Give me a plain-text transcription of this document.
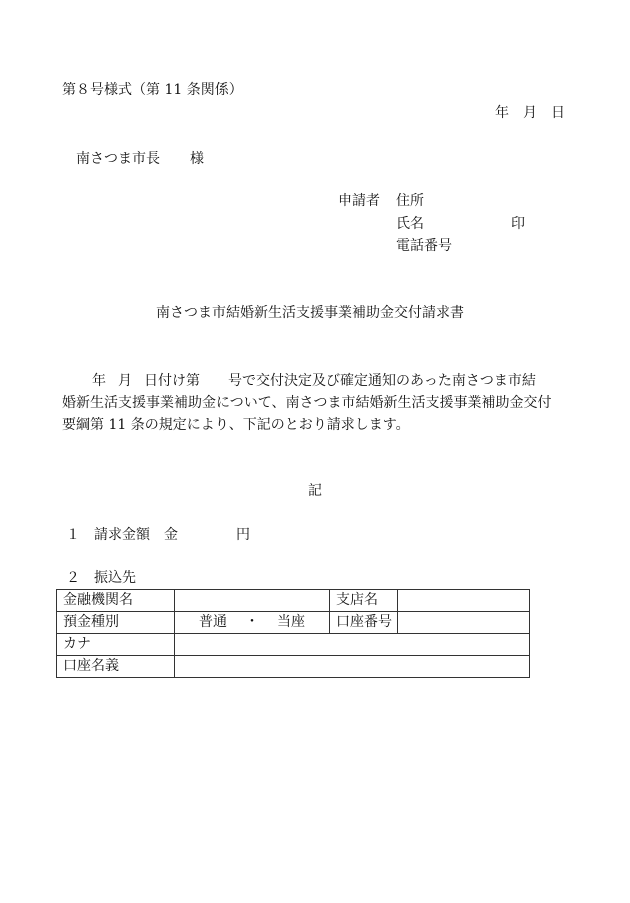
第８号様式（第 11 条関係）
年 月 日
南さつま市長 様
申請者 住所
氏名	印
電話番号
南さつま市結婚新生活支援事業補助金交付請求書
年 月 日付け第 号で交付決定及び確定通知のあった南さつま市結
婚新生活支援事業補助金について、南さつま市結婚新生活支援事業補助金交付
要綱第 11 条の規定により、下記のとおり請求します。
記
１ 請求金額 金	円
２ 振込先
金融機関名		支店名	
預金種別	普通 ・ 当座	口座番号	
カナ			
口座名義			
